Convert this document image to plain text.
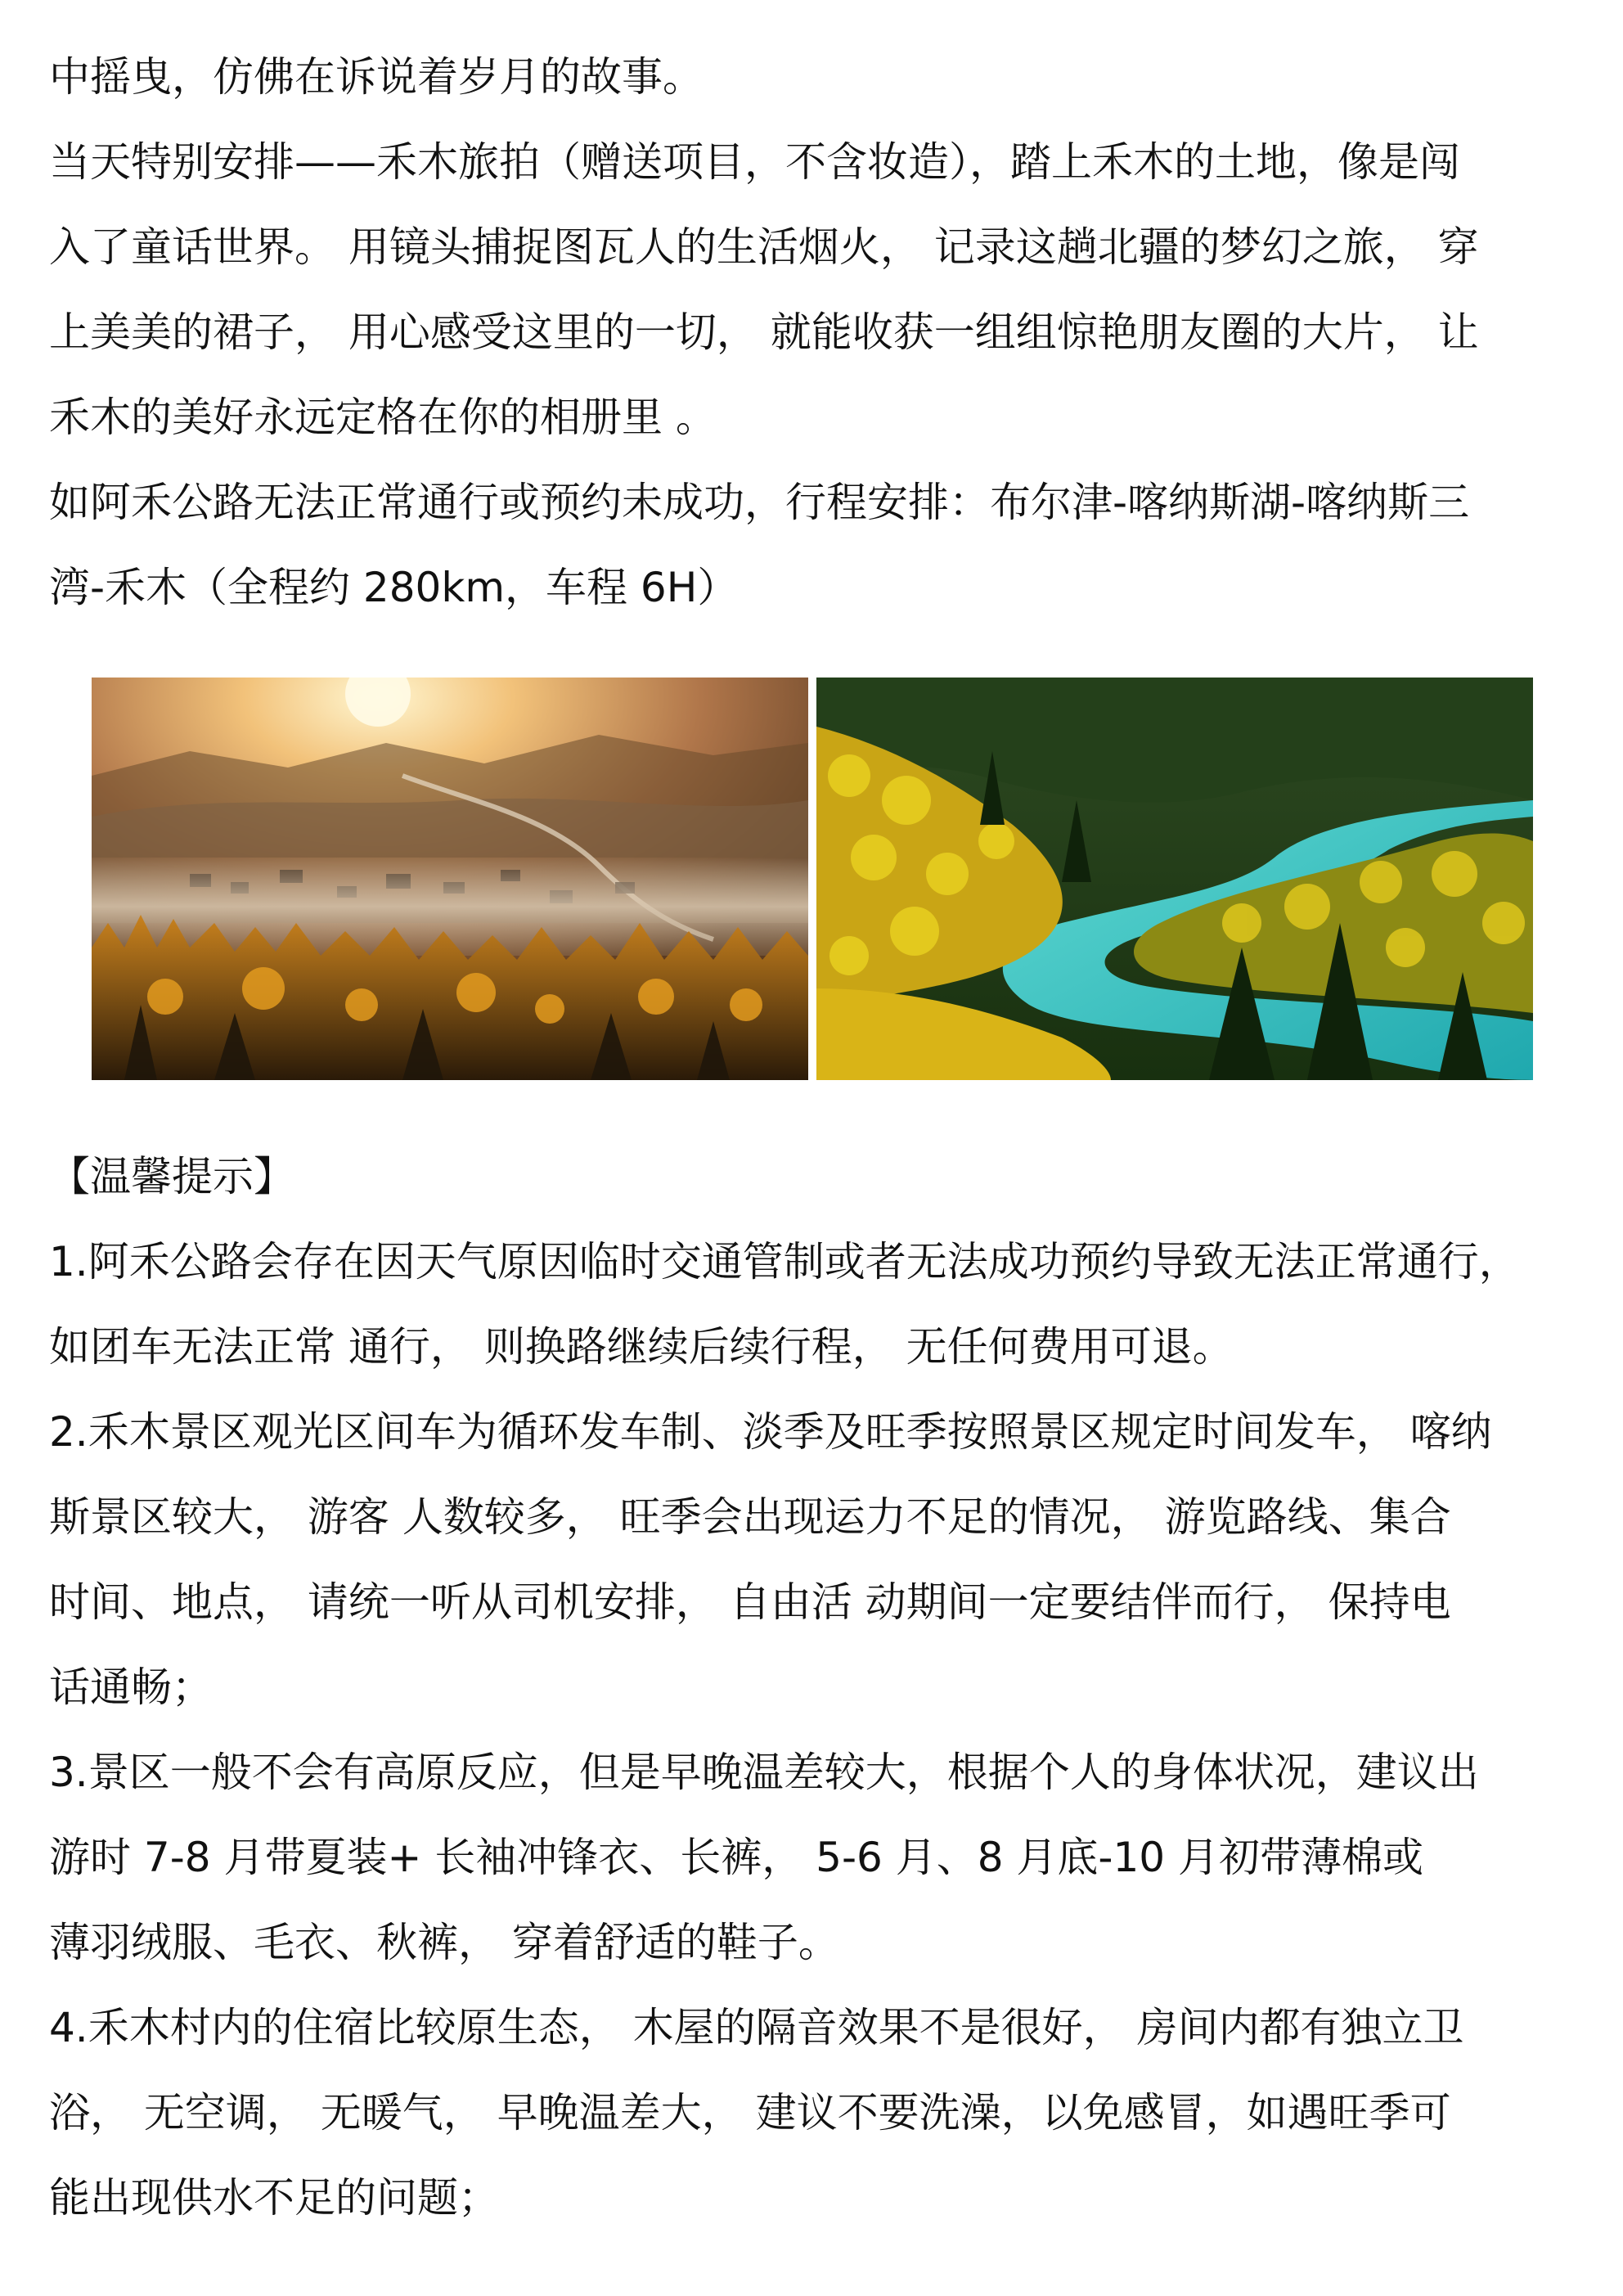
中摇曳，仿佛在诉说着岁月的故事。
当天特别安排——禾木旅拍（赠送项目，不含妆造），踏上禾木的土地，像是闯
入了童话世界。 用镜头捕捉图瓦人的生活烟火， 记录这趟北疆的梦幻之旅， 穿
上美美的裙子， 用心感受这里的一切， 就能收获一组组惊艳朋友圈的大片， 让
禾木的美好永远定格在你的相册里 。
如阿禾公路无法正常通行或预约未成功，行程安排：布尔津-喀纳斯湖-喀纳斯三
湾-禾木（全程约 280km，车程 6H）
【温馨提示】
1.阿禾公路会存在因天气原因临时交通管制或者无法成功预约导致无法正常通行，
如团车无法正常 通行， 则换路继续后续行程， 无任何费用可退。
2.禾木景区观光区间车为循环发车制、淡季及旺季按照景区规定时间发车， 喀纳
斯景区较大， 游客 人数较多， 旺季会出现运力不足的情况， 游览路线、集合
时间、地点， 请统一听从司机安排， 自由活 动期间一定要结伴而行， 保持电
话通畅；
3.景区一般不会有高原反应，但是早晚温差较大，根据个人的身体状况，建议出
游时 7-8 月带夏装+ 长袖冲锋衣、长裤， 5-6 月、8 月底-10 月初带薄棉或
薄羽绒服、毛衣、秋裤， 穿着舒适的鞋子。
4.禾木村内的住宿比较原生态， 木屋的隔音效果不是很好， 房间内都有独立卫
浴， 无空调， 无暖气， 早晚温差大， 建议不要洗澡，以免感冒，如遇旺季可
能出现供水不足的问题；
